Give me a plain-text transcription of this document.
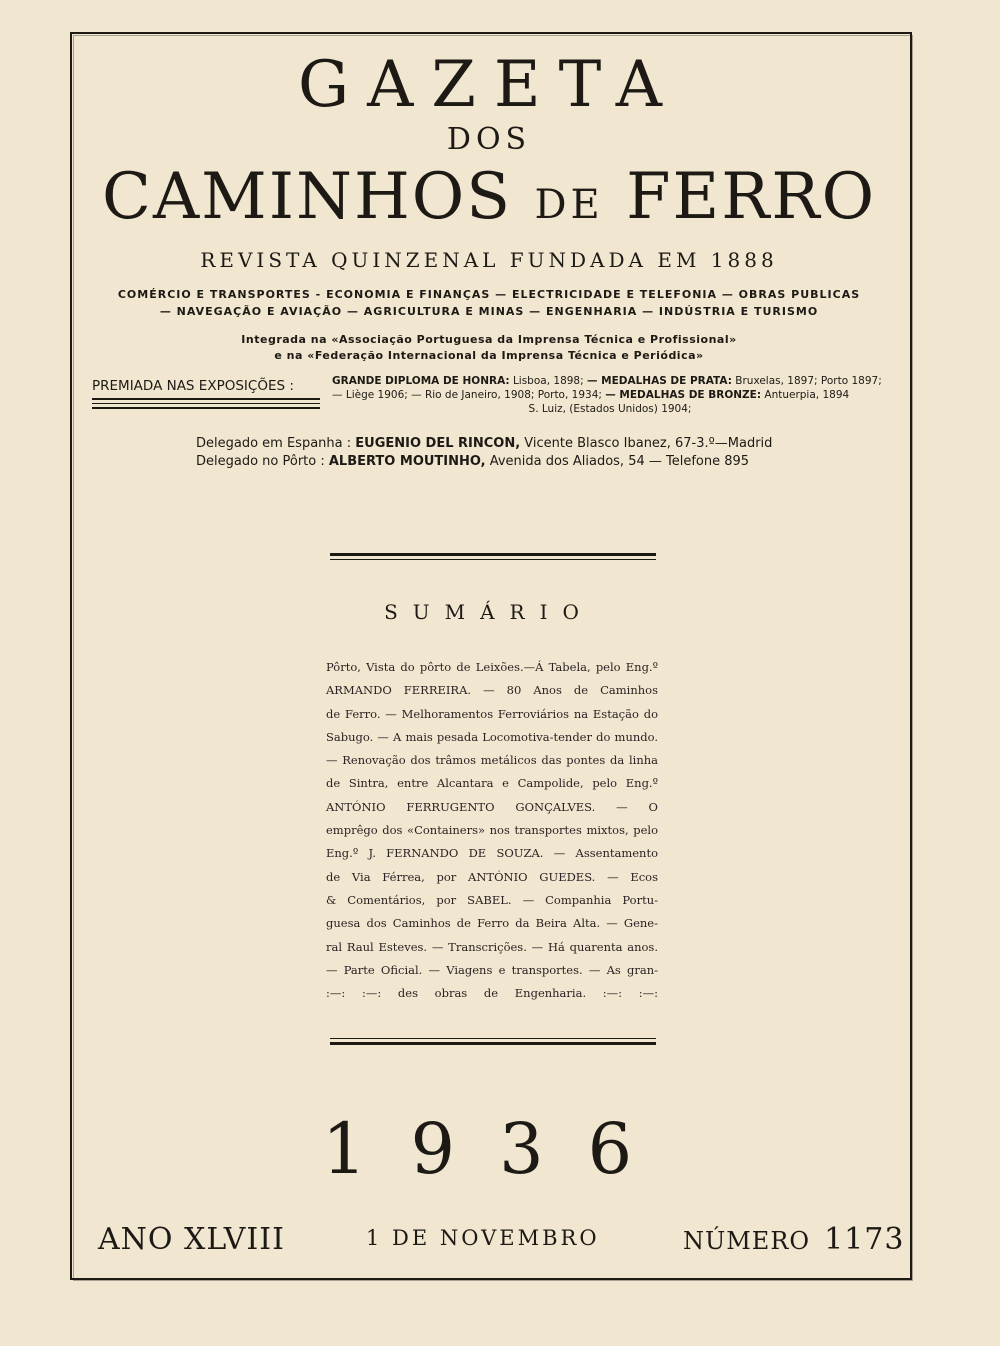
GAZETA
DOS
CAMINHOS DE FERRO
REVISTA QUINZENAL FUNDADA EM 1888
COMÉRCIO E TRANSPORTES - ECONOMIA E FINANÇAS — ELECTRICIDADE E TELEFONIA — OBRAS PUBLICAS
— NAVEGAÇÃO E AVIAÇÃO — AGRICULTURA E MINAS — ENGENHARIA — INDÚSTRIA E TURISMO
Integrada na «Associação Portuguesa da Imprensa Técnica e Profissional»
e na «Federação Internacional da Imprensa Técnica e Periódica»
PREMIADA NAS EXPOSIÇÕES :	GRANDE DIPLOMA DE HONRA: Lisboa, 1898; — MEDALHAS DE PRATA: Bruxelas, 1897; Porto 1897; — Liège 1906; — Rio de Janeiro, 1908; Porto, 1934; — MEDALHAS DE BRONZE: Antuerpia, 1894
S. Luiz, (Estados Unidos) 1904;
Delegado em Espanha : EUGENIO DEL RINCON, Vicente Blasco Ibanez, 67-3.º—Madrid
Delegado no Pôrto : ALBERTO MOUTINHO, Avenida dos Aliados, 54 — Telefone 895
SUMÁRIO
Pôrto, Vista do pôrto de Leixões.—Á Tabela, pelo Eng.º
ARMANDO FERREIRA. — 80 Anos de Caminhos
de Ferro. — Melhoramentos Ferroviários na Estação do
Sabugo. — A mais pesada Locomotiva-tender do mundo.
— Renovação dos trâmos metálicos das pontes da linha
de Sintra, entre Alcantara e Campolide, pelo Eng.º
ANTÓNIO FERRUGENTO GONÇALVES. — O
emprêgo dos «Containers» nos transportes mixtos, pelo
Eng.º J. FERNANDO DE SOUZA. — Assentamento
de Via Férrea, por ANTÓNIO GUEDES. — Ecos
& Comentários, por SABEL. — Companhia Portu-
guesa dos Caminhos de Ferro da Beira Alta. — Gene-
ral Raul Esteves. — Transcrições. — Há quarenta anos.
— Parte Oficial. — Viagens e transportes. — As gran-
:—: :—: des obras de Engenharia. :—: :—:
1936
ANO XLVIII	1 DE NOVEMBRO	NÚMERO 1173
